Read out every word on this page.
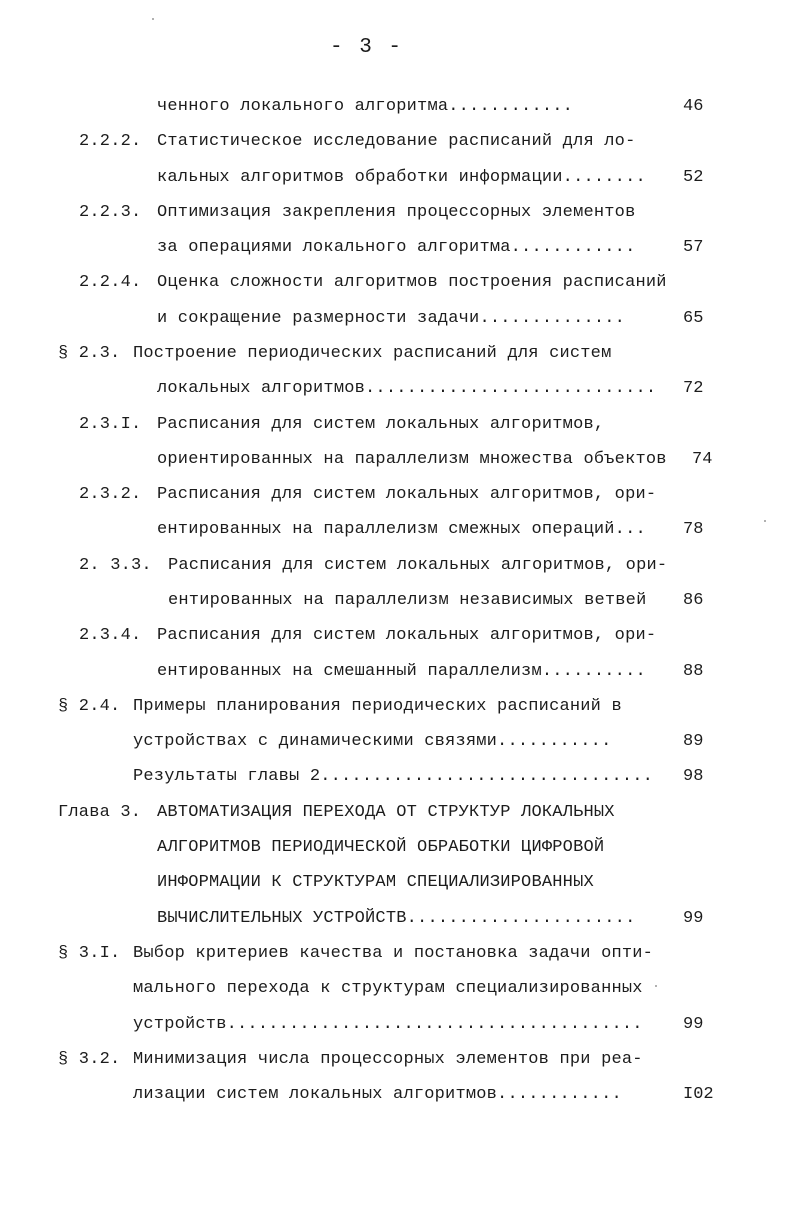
- 3 -
ченного локального алгоритма............	46
2.2.2. Статистическое исследование расписаний для ло-
кальных алгоритмов обработки информации........ 52
2.2.3. Оптимизация закрепления процессорных элементов
за операциями локального алгоритма............	57
2.2.4. Оценка сложности алгоритмов построения расписаний
и сокращение размерности задачи..............	65
§ 2.3. Построение периодических расписаний для систем
локальных алгоритмов............................ 72
2.3.I. Расписания для систем локальных алгоритмов,
ориентированных на параллелизм множества объектов 74
2.3.2. Расписания для систем локальных алгоритмов, ори-
ентированных на параллелизм смежных операций... 78
2. 3.3. Расписания для систем локальных алгоритмов, ори-
ентированных на параллелизм независимых ветвей 86
2.3.4. Расписания для систем локальных алгоритмов, ори-
ентированных на смешанный параллелизм.......... 88
§ 2.4. Примеры планирования периодических расписаний в
устройствах с динамическими связями...........	89
Результаты главы 2................................ 98
Глава 3. АВТОМАТИЗАЦИЯ ПЕРЕХОДА ОТ СТРУКТУР ЛОКАЛЬНЫХ
АЛГОРИТМОВ ПЕРИОДИЧЕСКОЙ ОБРАБОТКИ ЦИФРОВОЙ
ИНФОРМАЦИИ К СТРУКТУРАМ СПЕЦИАЛИЗИРОВАННЫХ
ВЫЧИСЛИТЕЛЬНЫХ УСТРОЙСТВ......................	99
§ 3.I. Выбор критериев качества и постановка задачи опти-
мального перехода к структурам специализированных
устройств........................................ 99
§ 3.2. Минимизация числа процессорных элементов при реа-
лизации систем локальных алгоритмов............	I02
